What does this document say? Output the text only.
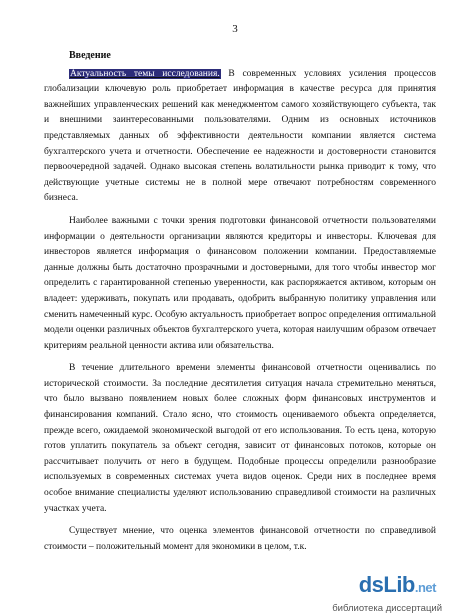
3
Введение

Актуальность темы исследования. В современных условиях усиления процессов глобализации ключевую роль приобретает информация в качестве ресурса для принятия важнейших управленческих решений как менеджментом самого хозяйствующего субъекта, так и внешними заинтересованными пользователями. Одним из основных источников представляемых данных об эффективности деятельности компании является система бухгалтерского учета и отчетности. Обеспечение ее надежности и достоверности становится первоочередной задачей. Однако высокая степень волатильности рынка приводит к тому, что действующие учетные системы не в полной мере отвечают потребностям современного бизнеса.

Наиболее важными с точки зрения подготовки финансовой отчетности пользователями информации о деятельности организации являются кредиторы и инвесторы. Ключевая для инвесторов является информация о финансовом положении компании. Предоставляемые данные должны быть достаточно прозрачными и достоверными, для того чтобы инвестор мог определить с гарантированной степенью уверенности, как распоряжается активом, которым он владеет: удерживать, покупать или продавать, одобрить выбранную политику управления или сменить намеченный курс. Особую актуальность приобретает вопрос определения оптимальной модели оценки различных объектов бухгалтерского учета, которая наилучшим образом отвечает критериям реальной ценности актива или обязательства.

В течение длительного времени элементы финансовой отчетности оценивались по исторической стоимости. За последние десятилетия ситуация начала стремительно меняться, что было вызвано появлением новых более сложных форм финансовых инструментов и финансирования компаний. Стало ясно, что стоимость оцениваемого объекта определяется, прежде всего, ожидаемой экономической выгодой от его использования. То есть цена, которую готов уплатить покупатель за объект сегодня, зависит от финансовых потоков, которые он рассчитывает получить от него в будущем. Подобные процессы определили разнообразие используемых в современных системах учета видов оценок. Среди них в последнее время особое внимание специалисты уделяют использованию справедливой стоимости на различных участках учета.

Существует мнение, что оценка элементов финансовой отчетности по справедливой стоимости – положительный момент для экономики в целом, т.к.

dsLib.net
библиотека диссертаций
